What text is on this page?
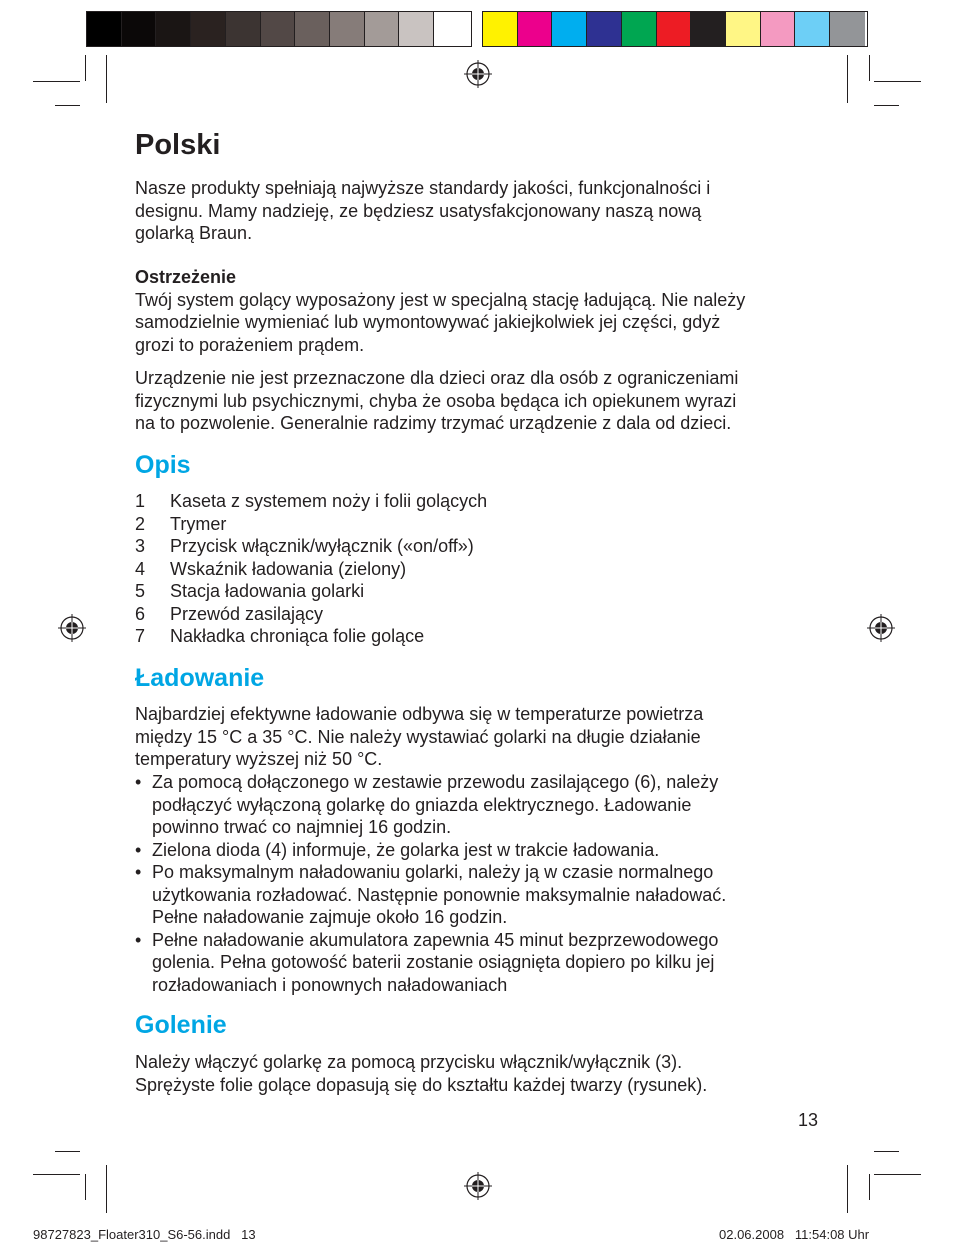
Polski
Nasze produkty spełniają najwyższe standardy jakości, funkcjonalności i
designu. Mamy nadzieję, ze będziesz usatysfakcjonowany naszą nową
golarką Braun.
Ostrzeżenie
Twój system golący wyposażony jest w specjalną stację ładującą. Nie należy
samodzielnie wymieniać lub wymontowywać jakiejkolwiek jej części, gdyż
grozi to porażeniem prądem.
Urządzenie nie jest przeznaczone dla dzieci oraz dla osób z ograniczeniami
fizycznymi lub psychicznymi, chyba że osoba będąca ich opiekunem wyrazi
na to pozwolenie. Generalnie radzimy trzymać urządzenie z dala od dzieci.
Opis
1	Kaseta z systemem noży i folii golących
2	Trymer
3	Przycisk włącznik/wyłącznik («on/off»)
4	Wskaźnik ładowania (zielony)
5	Stacja ładowania golarki
6	Przewód zasilający
7	Nakładka chroniąca folie golące
Ładowanie
Najbardziej efektywne ładowanie odbywa się w temperaturze powietrza
między 15 °C a 35 °C. Nie należy wystawiać golarki na długie działanie
temperatury wyższej niż 50 °C.
• Za pomocą dołączonego w zestawie przewodu zasilającego (6), należy
podłączyć wyłączoną golarkę do gniazda elektrycznego. Ładowanie
powinno trwać co najmniej 16 godzin.
• Zielona dioda (4) informuje, że golarka jest w trakcie ładowania.
• Po maksymalnym naładowaniu golarki, należy ją w czasie normalnego
użytkowania rozładować. Następnie ponownie maksymalnie naładować.
Pełne naładowanie zajmuje około 16 godzin.
• Pełne naładowanie akumulatora zapewnia 45 minut bezprzewodowego
golenia. Pełna gotowość baterii zostanie osiągnięta dopiero po kilku jej
rozładowaniach i ponownych naładowaniach
Golenie
Należy włączyć golarkę za pomocą przycisku włącznik/wyłącznik (3).
Sprężyste folie golące dopasują się do kształtu każdej twarzy (rysunek).
13
98727823_Floater310_S6-56.indd   13	02.06.2008   11:54:08 Uhr
